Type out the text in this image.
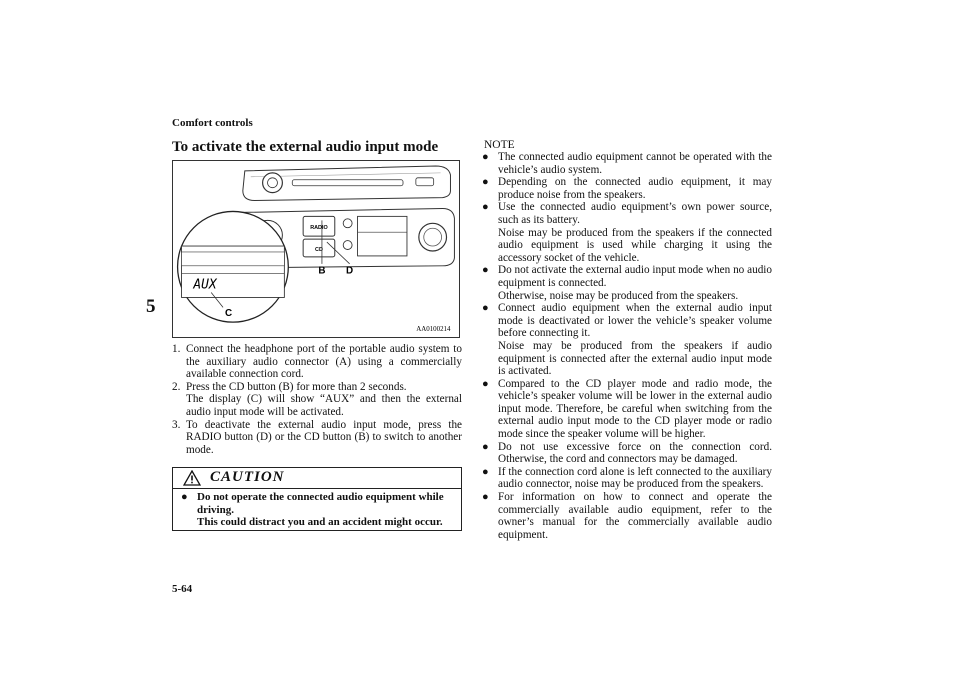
Comfort controls
5
5-64
To activate the external audio input mode
RADIO
CD
B D
AUX
C
AA0100214
1. Connect the headphone port of the portable audio system to the auxiliary audio connector (A) using a commercially available connection cord.
2. Press the CD button (B) for more than 2 seconds.
The display (C) will show “AUX” and then the external audio input mode will be activated.
3. To deactivate the external audio input mode, press the RADIO button (D) or the CD button (B) to switch to another mode.
CAUTION
● Do not operate the connected audio equipment while driving.
This could distract you and an accident might occur.
NOTE
● The connected audio equipment cannot be operated with the vehicle’s audio system.
● Depending on the connected audio equipment, it may produce noise from the speakers.
● Use the connected audio equipment’s own power source, such as its battery.
Noise may be produced from the speakers if the connected audio equipment is used while charging it using the accessory socket of the vehicle.
● Do not activate the external audio input mode when no audio equipment is connected.
Otherwise, noise may be produced from the speakers.
● Connect audio equipment when the external audio input mode is deactivated or lower the vehicle’s speaker volume before connecting it.
Noise may be produced from the speakers if audio equipment is connected after the external audio input mode is activated.
● Compared to the CD player mode and radio mode, the vehicle’s speaker volume will be lower in the external audio input mode. Therefore, be careful when switching from the external audio input mode to the CD player mode or radio mode since the speaker volume will be higher.
● Do not use excessive force on the connection cord. Otherwise, the cord and connectors may be damaged.
● If the connection cord alone is left connected to the auxiliary audio connector, noise may be produced from the speakers.
● For information on how to connect and operate the commercially available audio equipment, refer to the owner’s manual for the commercially available audio equipment.
